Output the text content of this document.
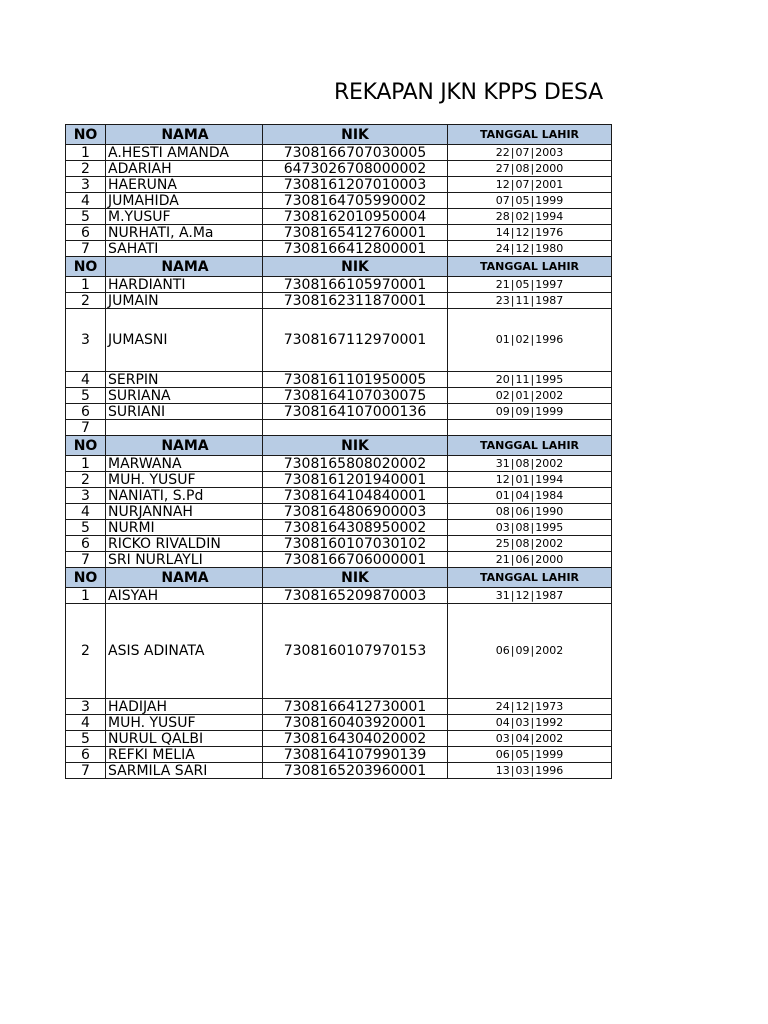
REKAPAN JKN KPPS DESA
NO	NAMA	NIK	TANGGAL LAHIR
1	A.HESTI AMANDA	7308166707030005	22|07|2003
2	ADARIAH	6473026708000002	27|08|2000
3	HAERUNA	7308161207010003	12|07|2001
4	JUMAHIDA	7308164705990002	07|05|1999
5	M.YUSUF	7308162010950004	28|02|1994
6	NURHATI, A.Ma	7308165412760001	14|12|1976
7	SAHATI	7308166412800001	24|12|1980
NO	NAMA	NIK	TANGGAL LAHIR
1	HARDIANTI	7308166105970001	21|05|1997
2	JUMAIN	7308162311870001	23|11|1987
3	JUMASNI	7308167112970001	01|02|1996
4	SERPIN	7308161101950005	20|11|1995
5	SURIANA	7308164107030075	02|01|2002
6	SURIANI	7308164107000136	09|09|1999
7			
NO	NAMA	NIK	TANGGAL LAHIR
1	MARWANA	7308165808020002	31|08|2002
2	MUH. YUSUF	7308161201940001	12|01|1994
3	NANIATI, S.Pd	7308164104840001	01|04|1984
4	NURJANNAH	7308164806900003	08|06|1990
5	NURMI	7308164308950002	03|08|1995
6	RICKO RIVALDIN	7308160107030102	25|08|2002
7	SRI NURLAYLI	7308166706000001	21|06|2000
NO	NAMA	NIK	TANGGAL LAHIR
1	AISYAH	7308165209870003	31|12|1987
2	ASIS ADINATA	7308160107970153	06|09|2002
3	HADIJAH	7308166412730001	24|12|1973
4	MUH. YUSUF	7308160403920001	04|03|1992
5	NURUL QALBI	7308164304020002	03|04|2002
6	REFKI MELIA	7308164107990139	06|05|1999
7	SARMILA SARI	7308165203960001	13|03|1996
